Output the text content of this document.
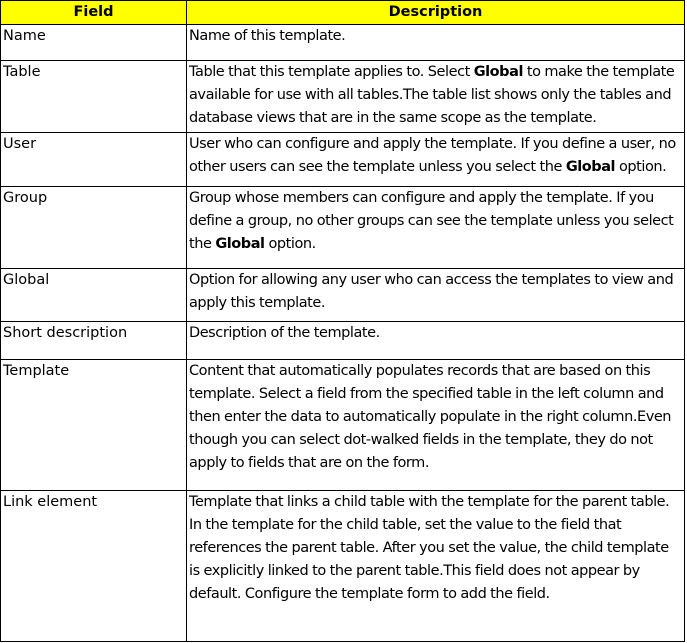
Field	Description
Name	Name of this template.
Table	Table that this template applies to. Select Global to make the template available for use with all tables.The table list shows only the tables and database views that are in the same scope as the template.
User	User who can configure and apply the template. If you define a user, no other users can see the template unless you select the Global option.
Group	Group whose members can configure and apply the template. If you define a group, no other groups can see the template unless you select the Global option.
Global	Option for allowing any user who can access the templates to view and apply this template.
Short description	Description of the template.
Template	Content that automatically populates records that are based on this template. Select a field from the specified table in the left column and then enter the data to automatically populate in the right column.Even though you can select dot-walked fields in the template, they do not apply to fields that are on the form.
Link element	Template that links a child table with the template for the parent table. In the template for the child table, set the value to the field that references the parent table. After you set the value, the child template is explicitly linked to the parent table.This field does not appear by default. Configure the template form to add the field.
